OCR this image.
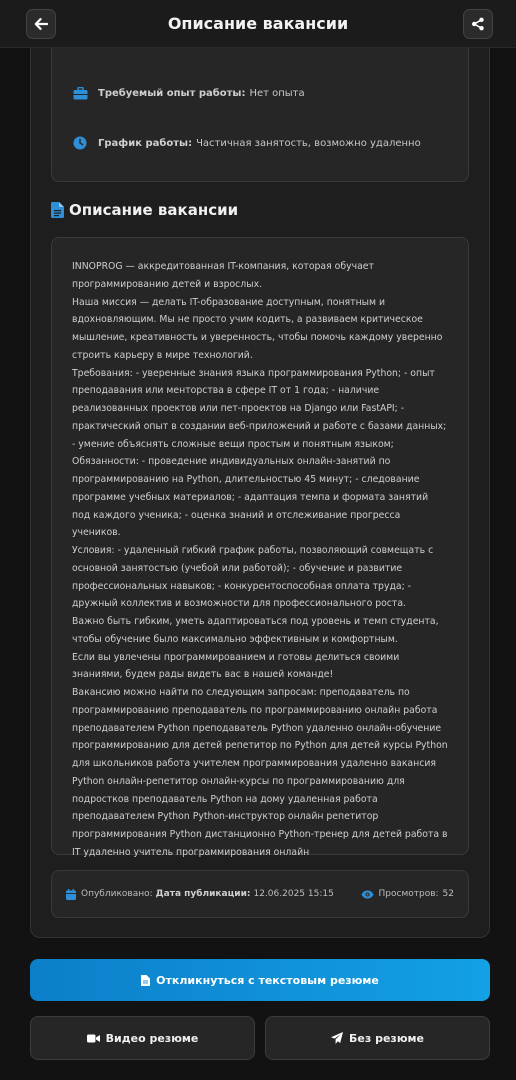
Описание вакансии
Требуемый опыт работы: Нет опыта
График работы: Частичная занятость, возможно удаленно
Описание вакансии

INNOPROG — аккредитованная IT-компания, которая обучает программированию детей и взрослых.

Наша миссия — делать IT-образование доступным, понятным и вдохновляющим. Мы не просто учим кодить, а развиваем критическое мышление, креативность и уверенность, чтобы помочь каждому уверенно строить карьеру в мире технологий.

Требования: - уверенные знания языка программирования Python; - опыт преподавания или менторства в сфере IT от 1 года; - наличие реализованных проектов или пет-проектов на Django или FastAPI; - практический опыт в создании веб-приложений и работе с базами данных; - умение объяснять сложные вещи простым и понятным языком;

Обязанности: - проведение индивидуальных онлайн-занятий по программированию на Python, длительностью 45 минут; - следование программе учебных материалов; - адаптация темпа и формата занятий под каждого ученика; - оценка знаний и отслеживание прогресса учеников.

Условия: - удаленный гибкий график работы, позволяющий совмещать с основной занятостью (учебой или работой); - обучение и развитие профессиональных навыков; - конкурентоспособная оплата труда; - дружный коллектив и возможности для профессионального роста.

Важно быть гибким, уметь адаптироваться под уровень и темп студента, чтобы обучение было максимально эффективным и комфортным.

Если вы увлечены программированием и готовы делиться своими знаниями, будем рады видеть вас в нашей команде!

Вакансию можно найти по следующим запросам: преподаватель по программированию преподаватель по программированию онлайн работа преподавателем Python преподаватель Python удаленно онлайн-обучение программированию для детей репетитор по Python для детей курсы Python для школьников работа учителем программирования удаленно вакансия Python онлайн-репетитор онлайн-курсы по программированию для подростков преподаватель Python на дому удаленная работа преподавателем Python Python-инструктор онлайн репетитор программирования Python дистанционно Python-тренер для детей работа в IT удаленно учитель программирования онлайн

Опубликовано: Дата публикации: 12.06.2025 15:15	Просмотров: 52
Откликнуться с текстовым резюме
Видео резюме	Без резюме
